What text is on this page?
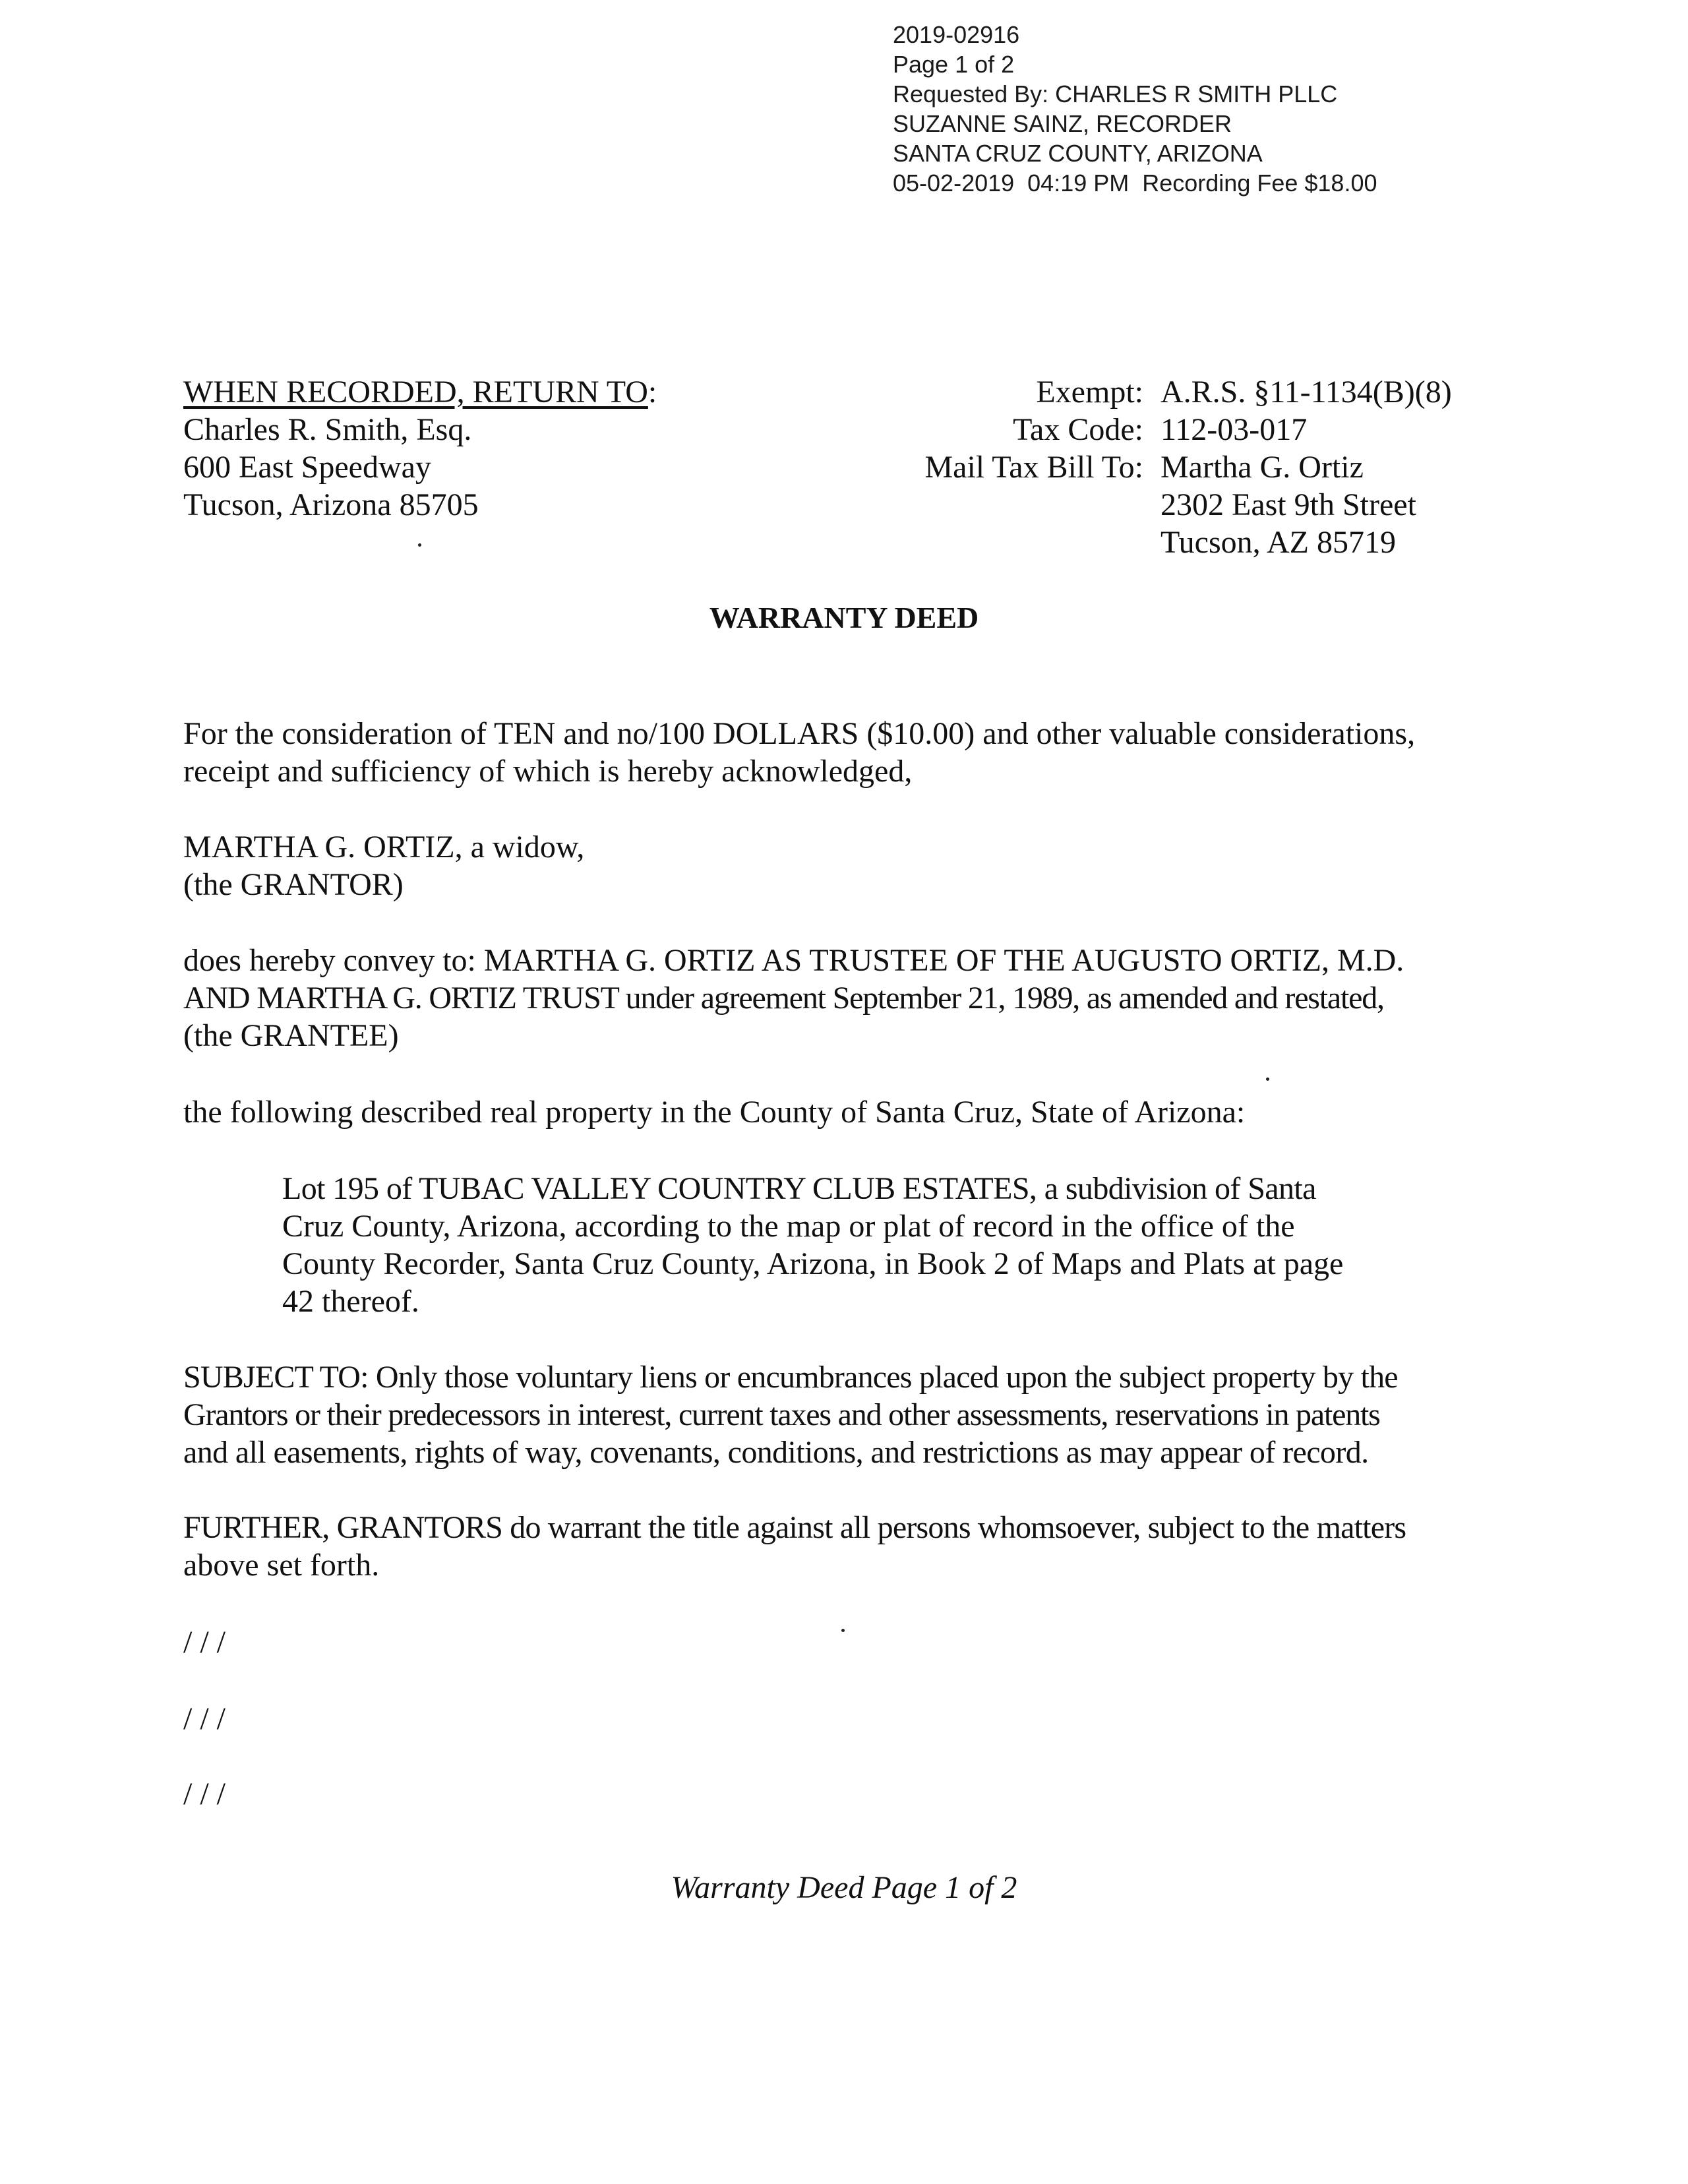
2019-02916
Page 1 of 2
Requested By: CHARLES R SMITH PLLC
SUZANNE SAINZ, RECORDER
SANTA CRUZ COUNTY, ARIZONA
05-02-2019  04:19 PM  Recording Fee $18.00
WHEN RECORDED, RETURN TO:
Charles R. Smith, Esq.
600 East Speedway
Tucson, Arizona 85705
Exempt: A.R.S. §11-1134(B)(8)
Tax Code: 112-03-017
Mail Tax Bill To: Martha G. Ortiz
2302 East 9th Street
Tucson, AZ 85719
WARRANTY DEED
For the consideration of TEN and no/100 DOLLARS ($10.00) and other valuable considerations,
receipt and sufficiency of which is hereby acknowledged,
MARTHA G. ORTIZ, a widow,
(the GRANTOR)
does hereby convey to: MARTHA G. ORTIZ AS TRUSTEE OF THE AUGUSTO ORTIZ, M.D.
AND MARTHA G. ORTIZ TRUST under agreement September 21, 1989, as amended and restated,
(the GRANTEE)
the following described real property in the County of Santa Cruz, State of Arizona:
Lot 195 of TUBAC VALLEY COUNTRY CLUB ESTATES, a subdivision of Santa
Cruz County, Arizona, according to the map or plat of record in the office of the
County Recorder, Santa Cruz County, Arizona, in Book 2 of Maps and Plats at page
42 thereof.
SUBJECT TO: Only those voluntary liens or encumbrances placed upon the subject property by the
Grantors or their predecessors in interest, current taxes and other assessments, reservations in patents
and all easements, rights of way, covenants, conditions, and restrictions as may appear of record.
FURTHER, GRANTORS do warrant the title against all persons whomsoever, subject to the matters
above set forth.
/ / /
/ / /
/ / /
Warranty Deed Page 1 of 2
